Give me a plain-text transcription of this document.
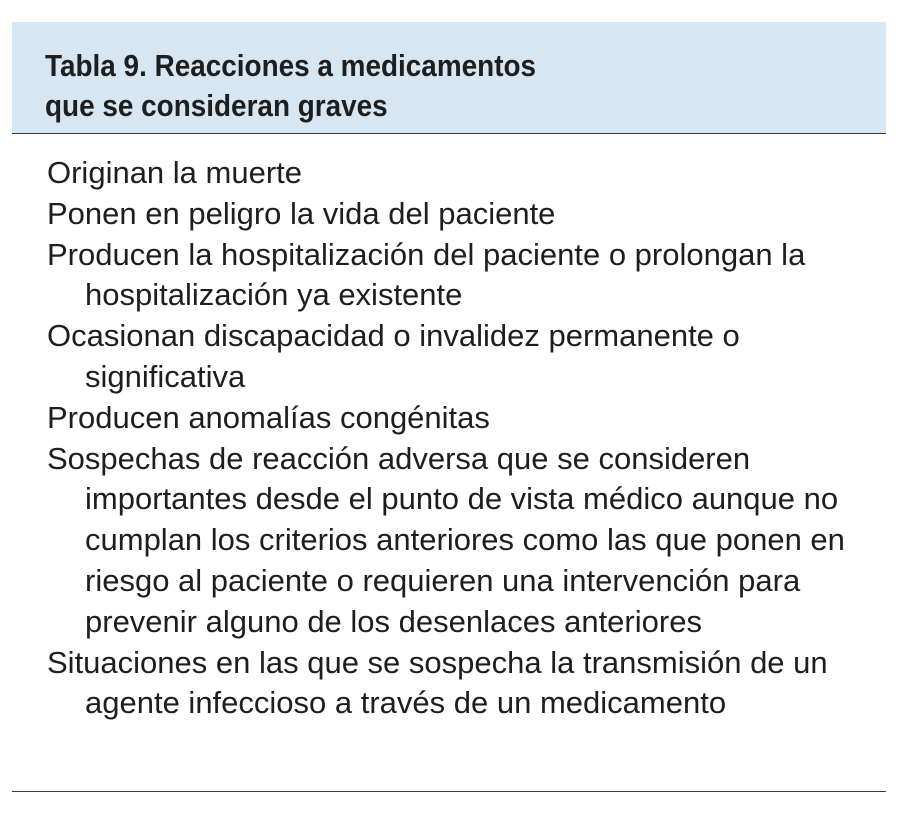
Tabla 9. Reacciones a medicamentos que se consideran graves
Originan la muerte
Ponen en peligro la vida del paciente
Producen la hospitalización del paciente o prolongan la hospitalización ya existente
Ocasionan discapacidad o invalidez permanente o significativa
Producen anomalías congénitas
Sospechas de reacción adversa que se consideren importantes desde el punto de vista médico aunque no cumplan los criterios anteriores como las que ponen en riesgo al paciente o requieren una intervención para prevenir alguno de los desenlaces anteriores
Situaciones en las que se sospecha la transmisión de un agente infeccioso a través de un medicamento
